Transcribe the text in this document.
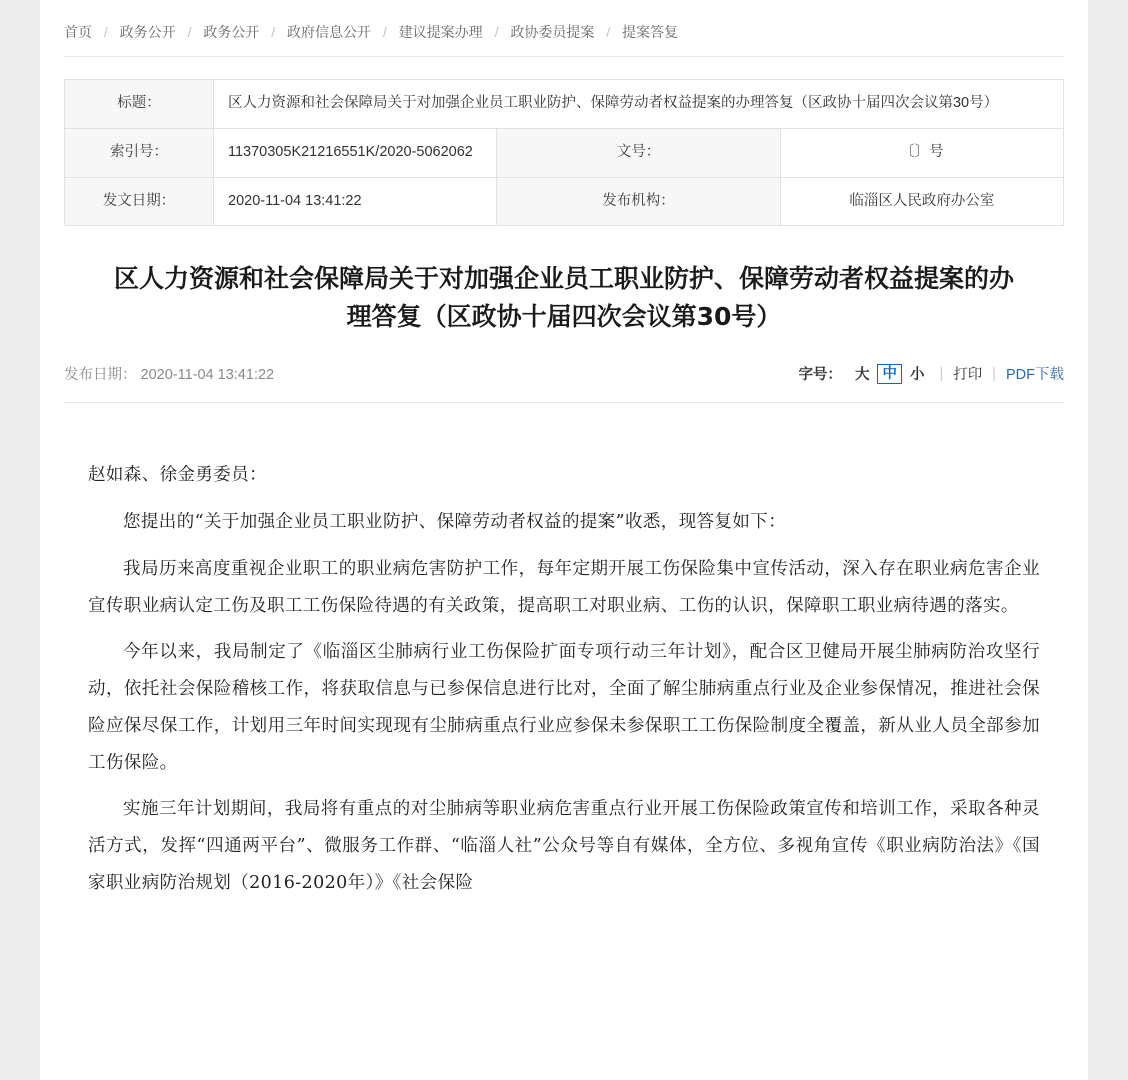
首页 / 政务公开 / 政务公开 / 政府信息公开 / 建议提案办理 / 政协委员提案 / 提案答复
标题：	区人力资源和社会保障局关于对加强企业员工职业防护、保障劳动者权益提案的办理答复（区政协十届四次会议第30号）		
索引号：	11370305K21216551K/2020-5062062	文号：	〔〕号
发文日期：	2020-11-04 13:41:22	发布机构：	临淄区人民政府办公室
区人力资源和社会保障局关于对加强企业员工职业防护、保障劳动者权益提案的办理答复（区政协十届四次会议第30号）
发布日期： 2020-11-04 13:41:22	字号： 大 中 小	| 打印 | PDF下载

赵如森、徐金勇委员：

您提出的“关于加强企业员工职业防护、保障劳动者权益的提案”收悉，现答复如下：

我局历来高度重视企业职工的职业病危害防护工作，每年定期开展工伤保险集中宣传活动，深入存在职业病危害企业宣传职业病认定工伤及职工工伤保险待遇的有关政策，提高职工对职业病、工伤的认识，保障职工职业病待遇的落实。

今年以来，我局制定了《临淄区尘肺病行业工伤保险扩面专项行动三年计划》，配合区卫健局开展尘肺病防治攻坚行动，依托社会保险稽核工作，将获取信息与已参保信息进行比对，全面了解尘肺病重点行业及企业参保情况，推进社会保险应保尽保工作，计划用三年时间实现现有尘肺病重点行业应参保未参保职工工伤保险制度全覆盖，新从业人员全部参加工伤保险。

实施三年计划期间，我局将有重点的对尘肺病等职业病危害重点行业开展工伤保险政策宣传和培训工作，采取各种灵活方式，发挥“四通两平台”、微服务工作群、“临淄人社”公众号等自有媒体，全方位、多视角宣传《职业病防治法》《国家职业病防治规划（2016-2020年）》《社会保险
